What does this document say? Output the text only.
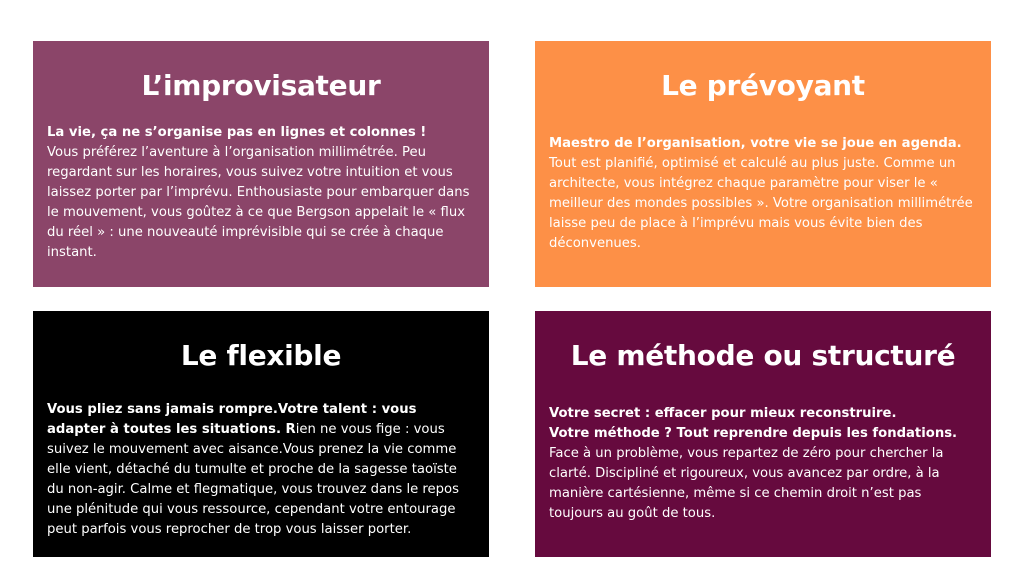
L’improvisateur

La vie, ça ne s’organise pas en lignes et colonnes !
Vous préférez l’aventure à l’organisation millimétrée. Peu regardant sur les horaires, vous suivez votre intuition et vous laissez porter par l’imprévu. Enthousiaste pour embarquer dans le mouvement, vous goûtez à ce que Bergson appelait le « flux du réel » : une nouveauté imprévisible qui se crée à chaque instant.

Le prévoyant

Maestro de l’organisation, votre vie se joue en agenda.
Tout est planifié, optimisé et calculé au plus juste. Comme un architecte, vous intégrez chaque paramètre pour viser le « meilleur des mondes possibles ». Votre organisation millimétrée laisse peu de place à l’imprévu mais vous évite bien des déconvenues.

Le flexible

Vous pliez sans jamais rompre.Votre talent : vous adapter à toutes les situations. Rien ne vous fige : vous suivez le mouvement avec aisance.Vous prenez la vie comme elle vient, détaché du tumulte et proche de la sagesse taoïste du non-agir. Calme et flegmatique, vous trouvez dans le repos une plénitude qui vous ressource, cependant votre entourage peut parfois vous reprocher de trop vous laisser porter.

Le méthode ou structuré

Votre secret : effacer pour mieux reconstruire.
Votre méthode ? Tout reprendre depuis les fondations.
Face à un problème, vous repartez de zéro pour chercher la clarté. Discipliné et rigoureux, vous avancez par ordre, à la manière cartésienne, même si ce chemin droit n’est pas toujours au goût de tous.
